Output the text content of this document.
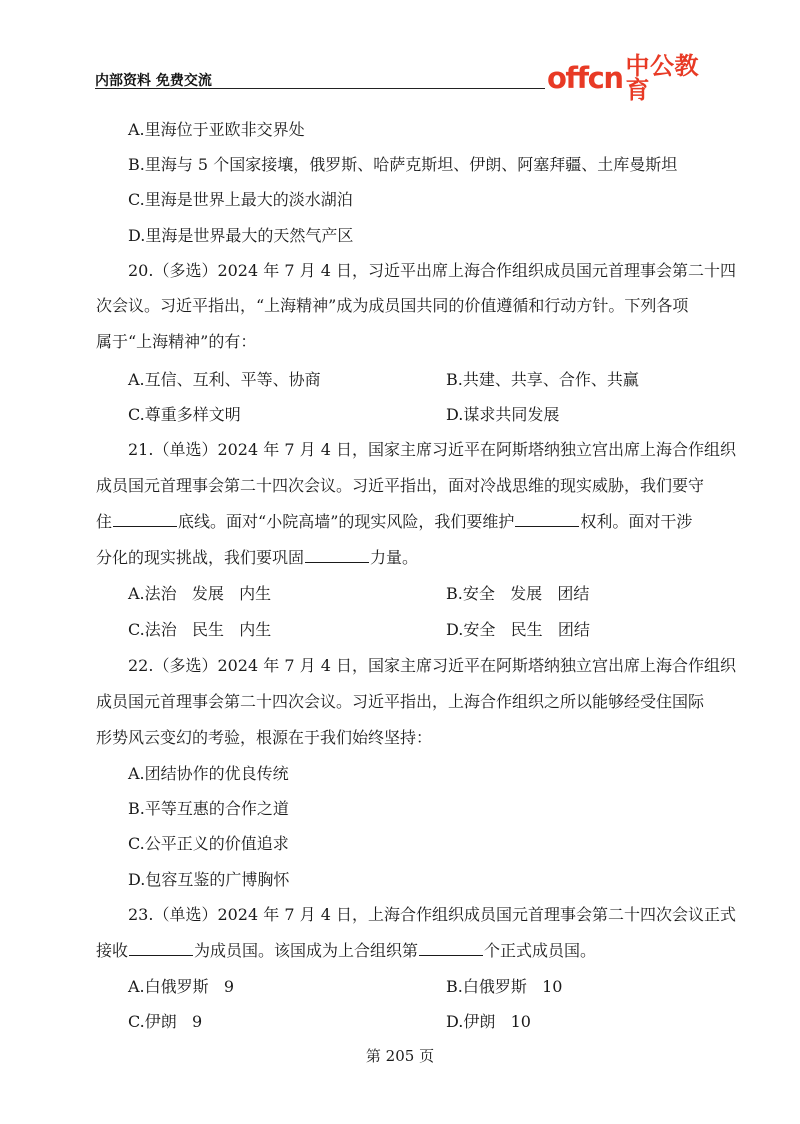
内部资料 免费交流	offcn 中公教育
A.里海位于亚欧非交界处
B.里海与 5 个国家接壤，俄罗斯、哈萨克斯坦、伊朗、阿塞拜疆、土库曼斯坦
C.里海是世界上最大的淡水湖泊
D.里海是世界最大的天然气产区
20.（多选）2024 年 7 月 4 日，习近平出席上海合作组织成员国元首理事会第二十四
次会议。习近平指出，“上海精神”成为成员国共同的价值遵循和行动方针。下列各项
属于“上海精神”的有：
A.互信、互利、平等、协商	B.共建、共享、合作、共赢
C.尊重多样文明	D.谋求共同发展
21.（单选）2024 年 7 月 4 日，国家主席习近平在阿斯塔纳独立宫出席上海合作组织
成员国元首理事会第二十四次会议。习近平指出，面对冷战思维的现实威胁，我们要守
住	底线。面对“小院高墙”的现实风险，我们要维护	权利。面对干涉
分化的现实挑战，我们要巩固	力量。
A.法治   发展   内生	B.安全   发展   团结
C.法治   民生   内生	D.安全   民生   团结
22.（多选）2024 年 7 月 4 日，国家主席习近平在阿斯塔纳独立宫出席上海合作组织
成员国元首理事会第二十四次会议。习近平指出，上海合作组织之所以能够经受住国际
形势风云变幻的考验，根源在于我们始终坚持：
A.团结协作的优良传统
B.平等互惠的合作之道
C.公平正义的价值追求
D.包容互鉴的广博胸怀
23.（单选）2024 年 7 月 4 日，上海合作组织成员国元首理事会第二十四次会议正式
接收	为成员国。该国成为上合组织第	个正式成员国。
A.白俄罗斯   9	B.白俄罗斯   10
C.伊朗   9	D.伊朗   10
第 205 页
